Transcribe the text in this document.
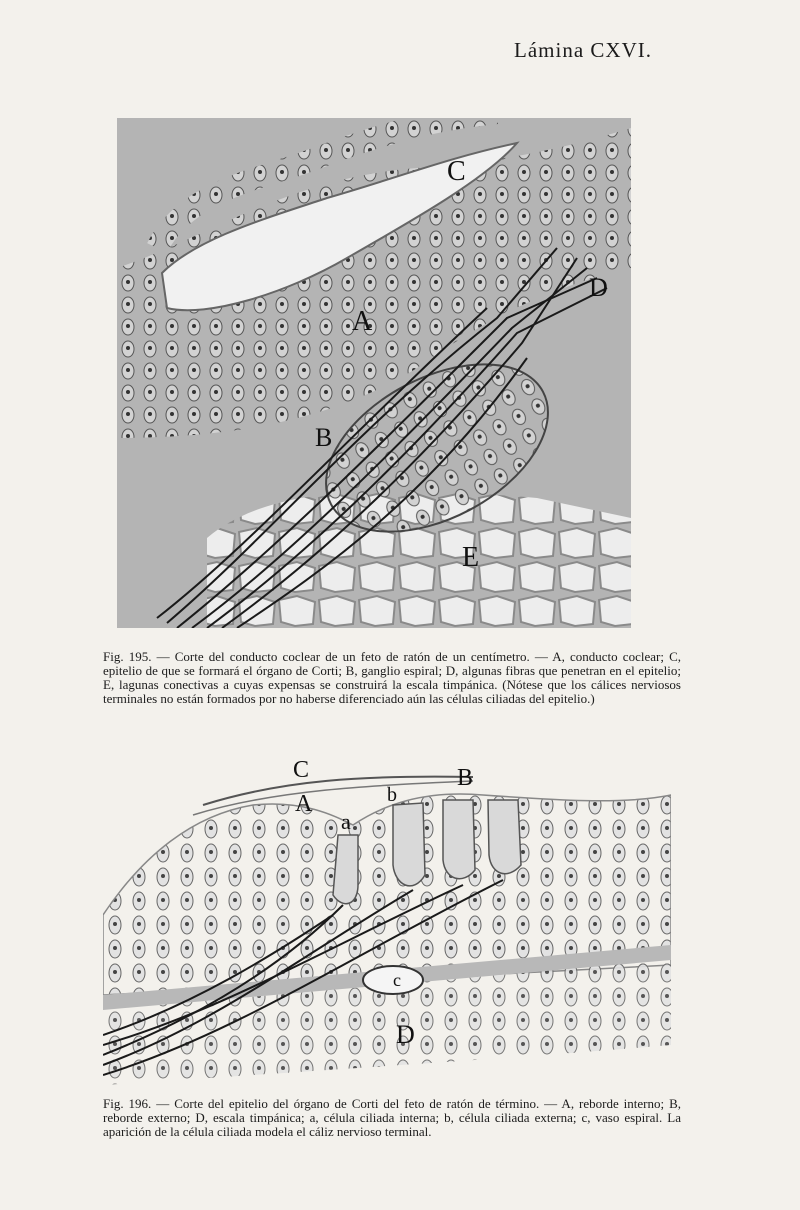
Lámina CXVI.
C
A
D
B
E
Fig. 195. — Corte del conducto coclear de un feto de ratón de un centímetro. — A, conducto coclear; C, epitelio de que se formará el órgano de Corti; B, ganglio espiral; D, algunas fibras que penetran en el epitelio; E, lagunas conectivas a cuyas expensas se construirá la escala timpánica. (Nótese que los cálices nerviosos terminales no están formados por no haberse diferenciado aún las células ciliadas del epitelio.)
C	B
A	b
a
c
D
Fig. 196. — Corte del epitelio del órgano de Corti del feto de ratón de término. — A, reborde interno; B, reborde externo; D, escala timpánica; a, célula ciliada interna; b, célula ciliada externa; c, vaso espiral. La aparición de la célula ciliada modela el cáliz nervioso terminal.
